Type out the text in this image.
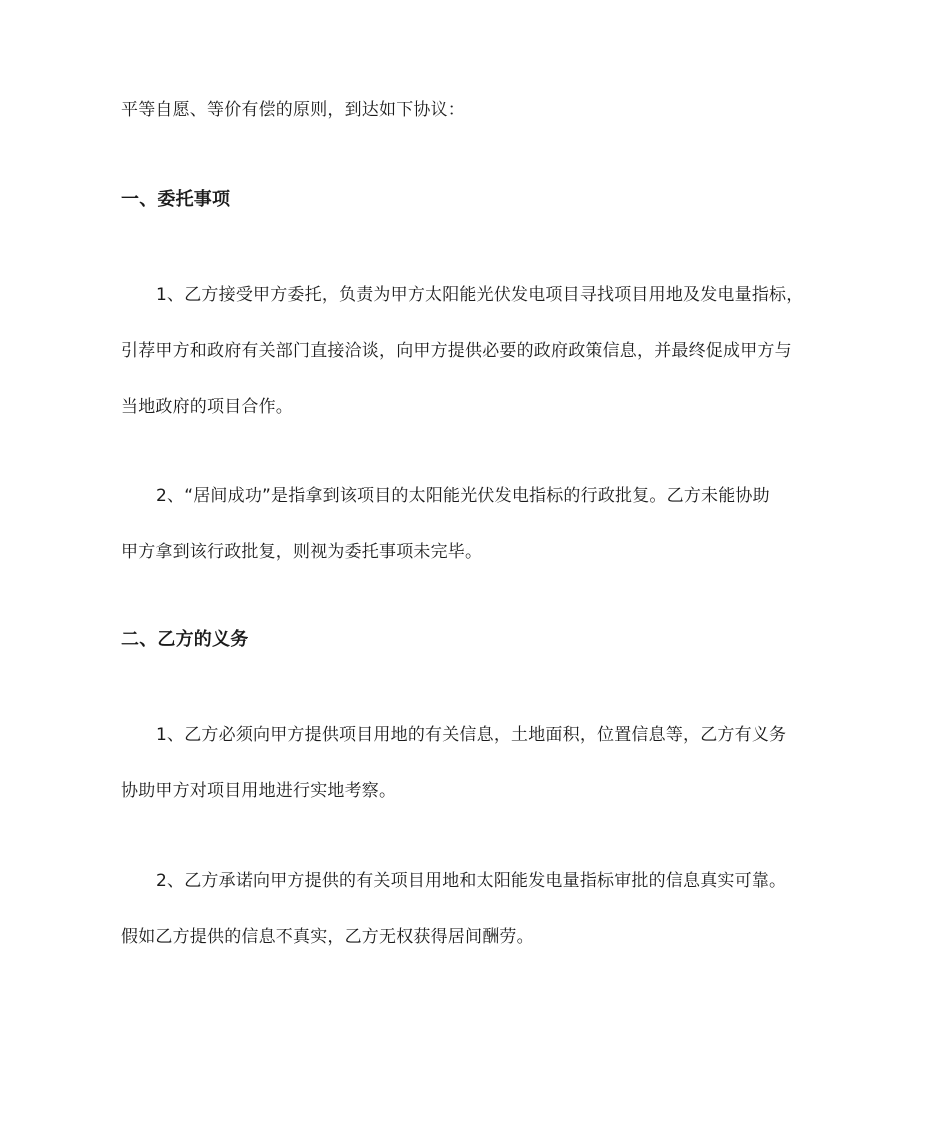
平等自愿、等价有偿的原则，到达如下协议：
一、委托事项
1、乙方接受甲方委托，负责为甲方太阳能光伏发电项目寻找项目用地及发电量指标，
引荐甲方和政府有关部门直接洽谈，向甲方提供必要的政府政策信息，并最终促成甲方与
当地政府的项目合作。
2、“居间成功”是指拿到该项目的太阳能光伏发电指标的行政批复。乙方未能协助
甲方拿到该行政批复，则视为委托事项未完毕。
二、乙方的义务
1、乙方必须向甲方提供项目用地的有关信息，土地面积，位置信息等，乙方有义务
协助甲方对项目用地进行实地考察。
2、乙方承诺向甲方提供的有关项目用地和太阳能发电量指标审批的信息真实可靠。
假如乙方提供的信息不真实，乙方无权获得居间酬劳。
